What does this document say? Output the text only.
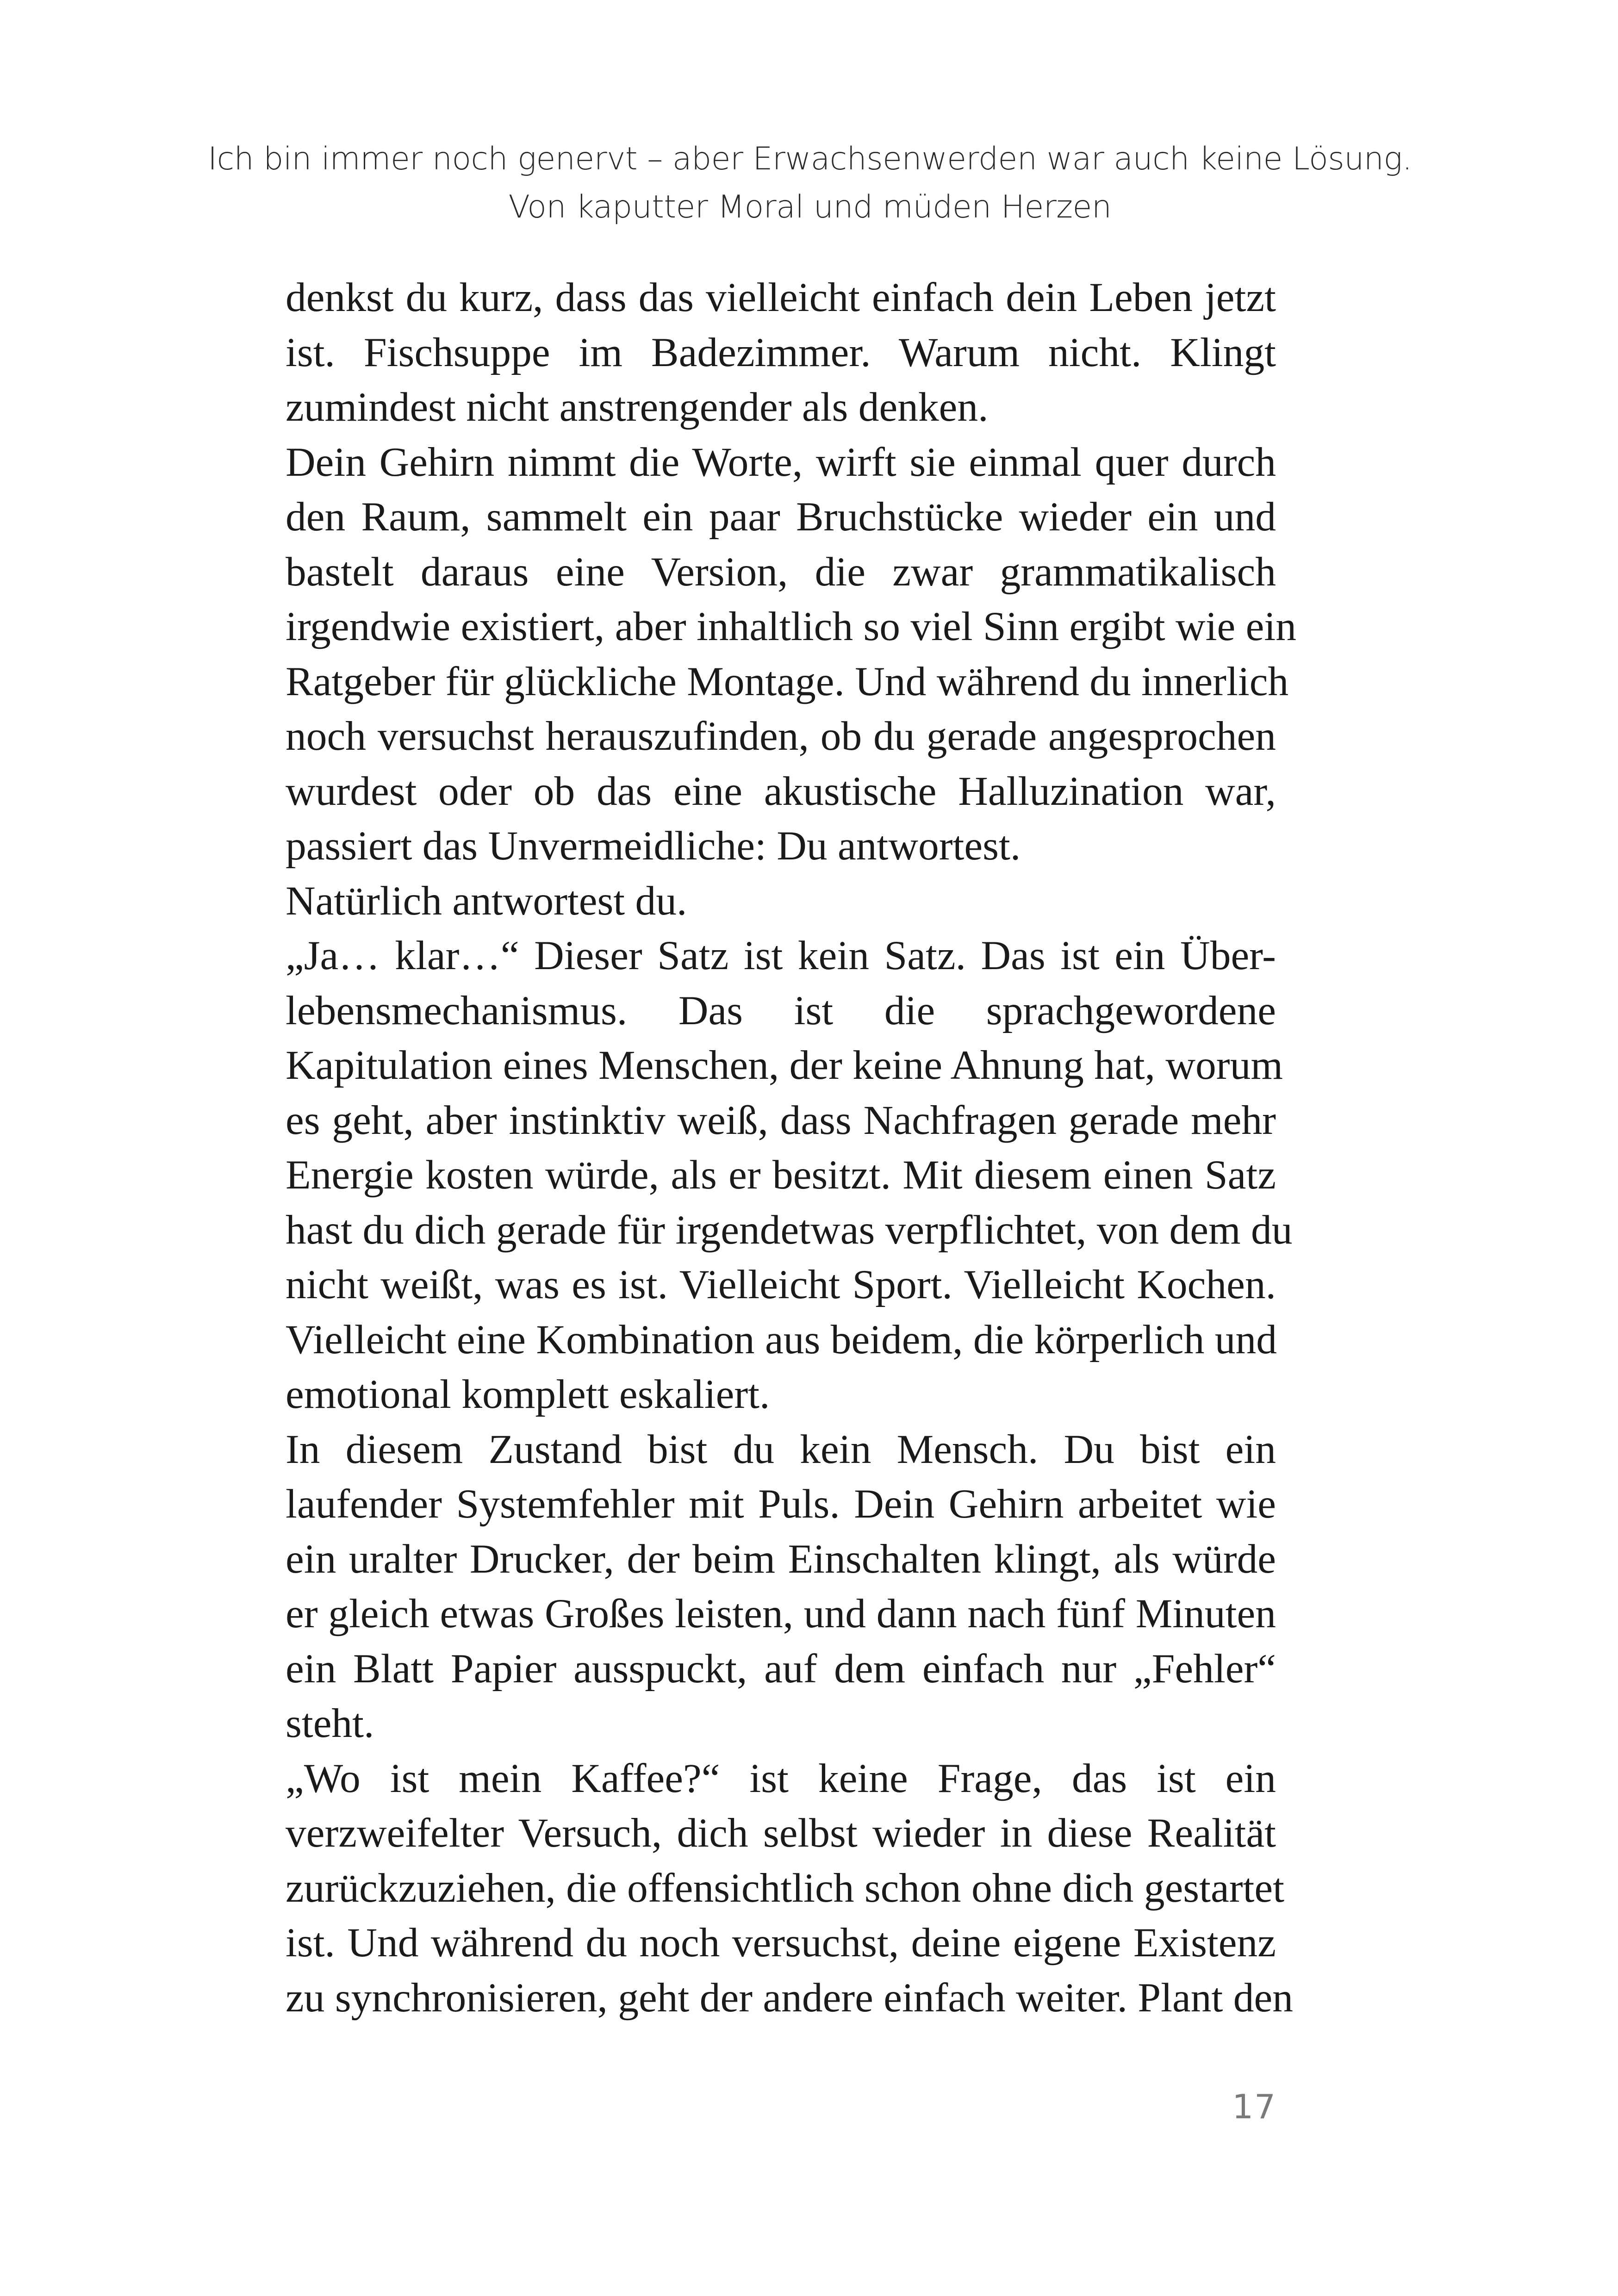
Ich bin immer noch genervt – aber Erwachsenwerden war auch keine Lösung.
Von kaputter Moral und müden Herzen
denkst du kurz, dass das vielleicht einfach dein Leben jetzt
ist. Fischsuppe im Badezimmer. Warum nicht. Klingt
zumindest nicht anstrengender als denken.
Dein Gehirn nimmt die Worte, wirft sie einmal quer durch
den Raum, sammelt ein paar Bruchstücke wieder ein und
bastelt daraus eine Version, die zwar grammatikalisch
irgendwie existiert, aber inhaltlich so viel Sinn ergibt wie ein
Ratgeber für glückliche Montage. Und während du innerlich
noch versuchst herauszufinden, ob du gerade angesprochen
wurdest oder ob das eine akustische Halluzination war,
passiert das Unvermeidliche: Du antwortest.
Natürlich antwortest du.
„Ja… klar…“ Dieser Satz ist kein Satz. Das ist ein Über-
lebensmechanismus. Das ist die sprachgewordene
Kapitulation eines Menschen, der keine Ahnung hat, worum
es geht, aber instinktiv weiß, dass Nachfragen gerade mehr
Energie kosten würde, als er besitzt. Mit diesem einen Satz
hast du dich gerade für irgendetwas verpflichtet, von dem du
nicht weißt, was es ist. Vielleicht Sport. Vielleicht Kochen.
Vielleicht eine Kombination aus beidem, die körperlich und
emotional komplett eskaliert.
In diesem Zustand bist du kein Mensch. Du bist ein
laufender Systemfehler mit Puls. Dein Gehirn arbeitet wie
ein uralter Drucker, der beim Einschalten klingt, als würde
er gleich etwas Großes leisten, und dann nach fünf Minuten
ein Blatt Papier ausspuckt, auf dem einfach nur „Fehler“
steht.
„Wo ist mein Kaffee?“ ist keine Frage, das ist ein
verzweifelter Versuch, dich selbst wieder in diese Realität
zurückzuziehen, die offensichtlich schon ohne dich gestartet
ist. Und während du noch versuchst, deine eigene Existenz
zu synchronisieren, geht der andere einfach weiter. Plant den
17
